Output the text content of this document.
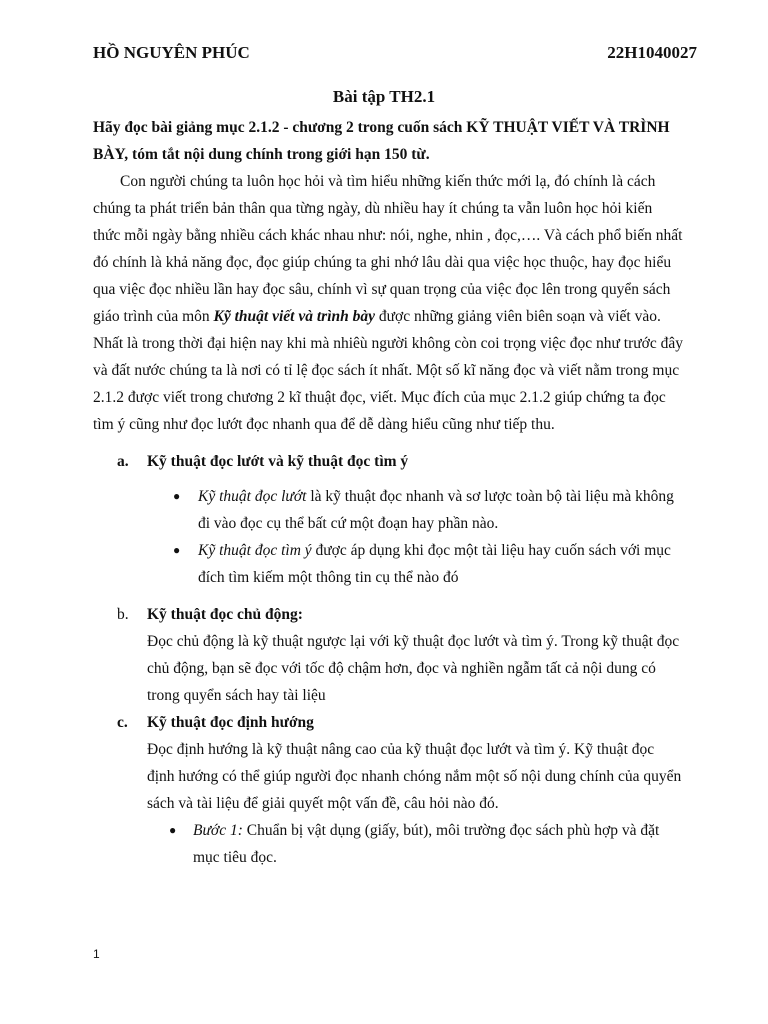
HỒ NGUYÊN PHÚC	22H1040027
Bài tập TH2.1

Hãy đọc bài giảng mục 2.1.2 - chương 2 trong cuốn sách KỸ THUẬT VIẾT VÀ TRÌNH BÀY, tóm tắt nội dung chính trong giới hạn 150 từ.

Con người chúng ta luôn học hỏi và tìm hiểu những kiến thức mới lạ, đó chính là cách chúng ta phát triển bản thân qua từng ngày, dù nhiều hay ít chúng ta vẫn luôn học hỏi kiến thức mỗi ngày bằng nhiều cách khác nhau như: nói, nghe, nhin , đọc,…. Và cách phổ biến nhất đó chính là khả năng đọc, đọc giúp chúng ta ghi nhớ lâu dài qua việc học thuộc, hay đọc hiểu qua việc đọc nhiều lần hay đọc sâu, chính vì sự quan trọng của việc đọc lên trong quyển sách giáo trình của môn Kỹ thuật viết và trình bày được những giảng viên biên soạn và viết vào. Nhất là trong thời đại hiện nay khi mà nhiêù người không còn coi trọng việc đọc như trước đây và đất nước chúng ta là nơi có tỉ lệ đọc sách ít nhất. Một số kĩ năng đọc và viết nằm trong mục 2.1.2 được viết trong chương 2 kĩ thuật đọc, viết. Mục đích của mục 2.1.2 giúp chứng ta đọc tìm ý cũng như đọc lướt đọc nhanh qua để dễ dàng hiểu cũng như tiếp thu.

a.	Kỹ thuật đọc lướt và kỹ thuật đọc tìm ý
● Kỹ thuật đọc lướt là kỹ thuật đọc nhanh và sơ lược toàn bộ tài liệu mà không đi vào đọc cụ thể bất cứ một đoạn hay phần nào.
● Kỹ thuật đọc tìm ý được áp dụng khi đọc một tài liệu hay cuốn sách với mục đích tìm kiếm một thông tin cụ thể nào đó
b.	Kỹ thuật đọc chủ động:

Đọc chủ động là kỹ thuật ngược lại với kỹ thuật đọc lướt và tìm ý. Trong kỹ thuật đọc chủ động, bạn sẽ đọc với tốc độ chậm hơn, đọc và nghiền ngẫm tất cả nội dung có trong quyển sách hay tài liệu

c.	Kỹ thuật đọc định hướng

Đọc định hướng là kỹ thuật nâng cao của kỹ thuật đọc lướt và tìm ý. Kỹ thuật đọc định hướng có thể giúp người đọc nhanh chóng nắm một số nội dung chính của quyển sách và tài liệu để giải quyết một vấn đề, câu hỏi nào đó.

● Bước 1: Chuẩn bị vật dụng (giấy, bút), môi trường đọc sách phù hợp và đặt mục tiêu đọc.
1
